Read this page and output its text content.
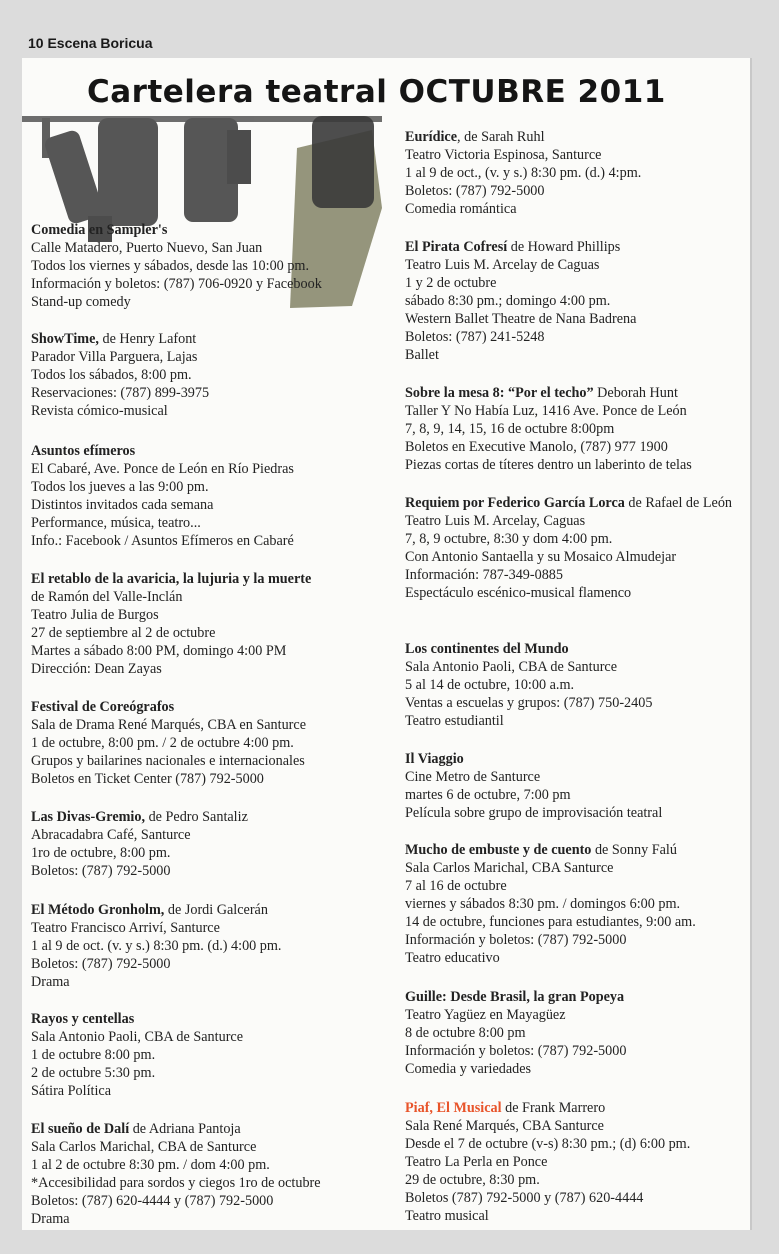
10 Escena Boricua
Cartelera teatral OCTUBRE 2011
Comedia en Sampler's
Calle Matadero, Puerto Nuevo, San Juan
Todos los viernes y sábados, desde las 10:00 pm.
Información y boletos: (787) 706-0920 y Facebook
Stand-up comedy
ShowTime, de Henry Lafont
Parador Villa Parguera, Lajas
Todos los sábados, 8:00 pm.
Reservaciones: (787) 899-3975
Revista cómico-musical
Asuntos efímeros
El Cabaré, Ave. Ponce de León en Río Piedras
Todos los jueves a las 9:00 pm.
Distintos invitados cada semana
Performance, música, teatro...
Info.: Facebook / Asuntos Efímeros en Cabaré
El retablo de la avaricia, la lujuria y la muerte
de Ramón del Valle-Inclán
Teatro Julia de Burgos
27 de septiembre al 2 de octubre
Martes a sábado 8:00 PM, domingo 4:00 PM
Dirección: Dean Zayas
Festival de Coreógrafos
Sala de Drama René Marqués, CBA en Santurce
1 de octubre, 8:00 pm. / 2 de octubre 4:00 pm.
Grupos y bailarines nacionales e internacionales
Boletos en Ticket Center (787) 792-5000
Las Divas-Gremio, de Pedro Santaliz
Abracadabra Café, Santurce
1ro de octubre, 8:00 pm.
Boletos: (787) 792-5000
El Método Gronholm, de Jordi Galcerán
Teatro Francisco Arriví, Santurce
1 al 9 de oct. (v. y s.) 8:30 pm. (d.) 4:00 pm.
Boletos: (787) 792-5000
Drama
Rayos y centellas
Sala Antonio Paoli, CBA de Santurce
1 de octubre 8:00 pm.
2 de octubre 5:30 pm.
Sátira Política
El sueño de Dalí de Adriana Pantoja
Sala Carlos Marichal, CBA de Santurce
1 al 2 de octubre 8:30 pm. / dom 4:00 pm.
*Accesibilidad para sordos y ciegos 1ro de octubre
Boletos: (787) 620-4444 y (787) 792-5000
Drama
Eurídice, de Sarah Ruhl
Teatro Victoria Espinosa, Santurce
1 al 9 de oct., (v. y s.) 8:30 pm. (d.) 4:pm.
Boletos: (787) 792-5000
Comedia romántica
El Pirata Cofresí de Howard Phillips
Teatro Luis M. Arcelay de Caguas
1 y 2 de octubre
sábado 8:30 pm.; domingo 4:00 pm.
Western Ballet Theatre de Nana Badrena
Boletos: (787) 241-5248
Ballet
Sobre la mesa 8: “Por el techo” Deborah Hunt
Taller Y No Había Luz, 1416 Ave. Ponce de León
7, 8, 9, 14, 15, 16 de octubre 8:00pm
Boletos en Executive Manolo, (787) 977 1900
Piezas cortas de títeres dentro un laberinto de telas
Requiem por Federico García Lorca de Rafael de León
Teatro Luis M. Arcelay, Caguas
7, 8, 9 octubre, 8:30 y dom 4:00 pm.
Con Antonio Santaella y su Mosaico Almudejar
Información: 787-349-0885
Espectáculo escénico-musical flamenco
Los continentes del Mundo
Sala Antonio Paoli, CBA de Santurce
5 al 14 de octubre, 10:00 a.m.
Ventas a escuelas y grupos: (787) 750-2405
Teatro estudiantil
Il Viaggio
Cine Metro de Santurce
martes 6 de octubre, 7:00 pm
Película sobre grupo de improvisación teatral
Mucho de embuste y de cuento de Sonny Falú
Sala Carlos Marichal, CBA Santurce
7 al 16 de octubre
viernes y sábados 8:30 pm. / domingos 6:00 pm.
14 de octubre, funciones para estudiantes, 9:00 am.
Información y boletos: (787) 792-5000
Teatro educativo
Guille: Desde Brasil, la gran Popeya
Teatro Yagüez en Mayagüez
8 de octubre 8:00 pm
Información y boletos: (787) 792-5000
Comedia y variedades
Piaf, El Musical de Frank Marrero
Sala René Marqués, CBA Santurce
Desde el 7 de octubre (v-s) 8:30 pm.; (d) 6:00 pm.
Teatro La Perla en Ponce
29 de octubre, 8:30 pm.
Boletos (787) 792-5000 y (787) 620-4444
Teatro musical
